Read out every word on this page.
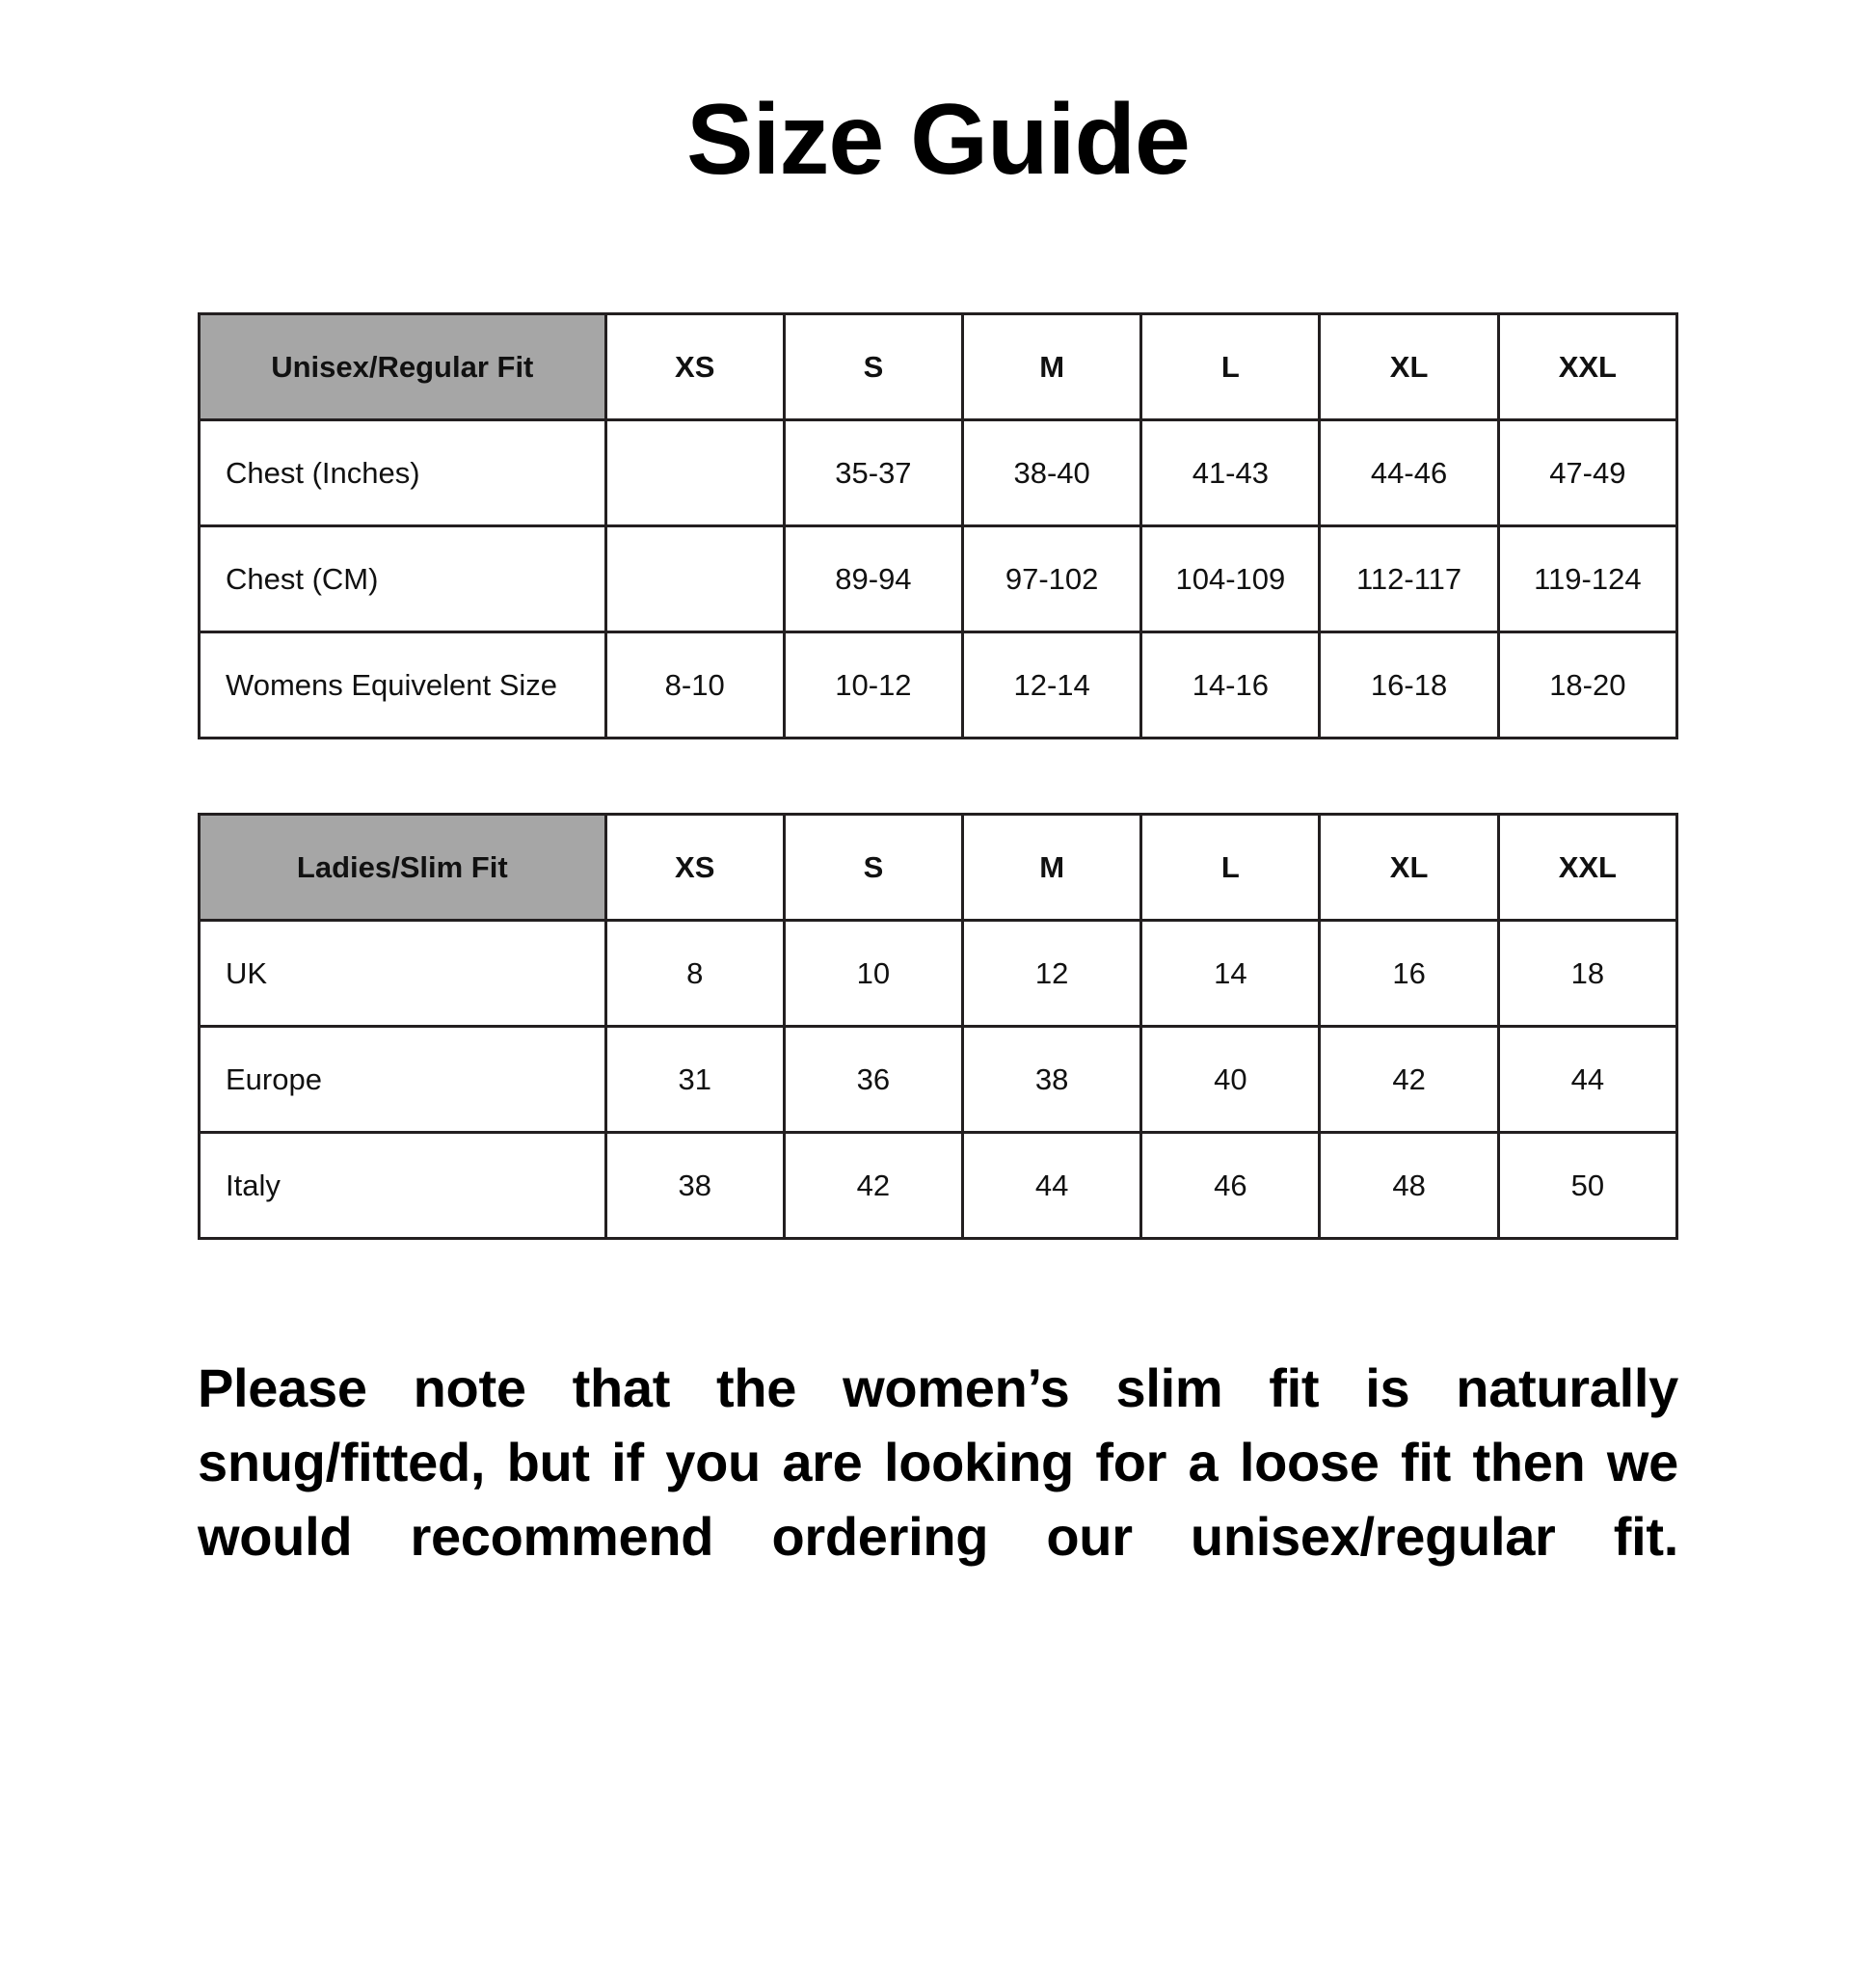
Size Guide
Unisex/Regular Fit	XS	S	M	L	XL	XXL
Chest (Inches)		35-37	38-40	41-43	44-46	47-49
Chest (CM)		89-94	97-102	104-109	112-117	119-124
Womens Equivelent Size	8-10	10-12	12-14	14-16	16-18	18-20
Ladies/Slim Fit	XS	S	M	L	XL	XXL
UK	8	10	12	14	16	18
Europe	31	36	38	40	42	44
Italy	38	42	44	46	48	50

Please note that the women’s slim fit is naturally snug/fitted, but if you are looking for a loose fit then we would recommend ordering our unisex/regular fit.
